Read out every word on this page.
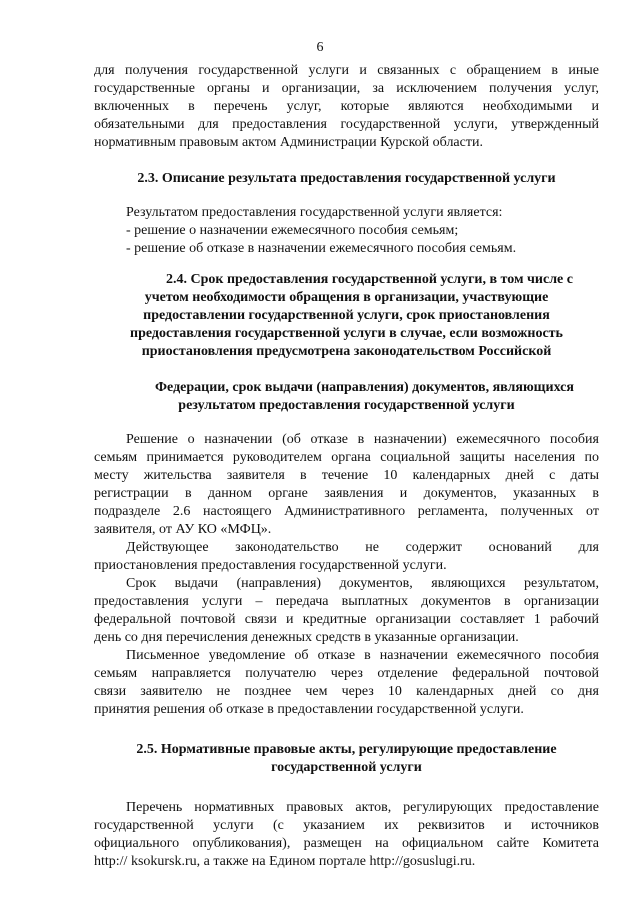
6

для получения государственной услуги и связанных с обращением в иные

государственные органы и организации, за исключением получения услуг,

включенных в перечень услуг, которые являются необходимыми и

обязательными для предоставления государственной услуги, утвержденный

нормативным правовым актом Администрации Курской области.

2.3. Описание результата предоставления государственной услуги

Результатом предоставления государственной услуги является:

- решение о назначении ежемесячного пособия семьям;

- решение об отказе в назначении ежемесячного пособия семьям.

2.4. Срок предоставления государственной услуги, в том числе с

учетом необходимости обращения в организации, участвующие

предоставлении государственной услуги, срок приостановления

предоставления государственной услуги в случае, если возможность

приостановления предусмотрена законодательством Российской

Федерации, срок выдачи (направления) документов, являющихся

результатом предоставления государственной услуги

Решение о назначении (об отказе в назначении) ежемесячного пособия

семьям принимается руководителем органа социальной защиты населения по

месту жительства заявителя в течение 10 календарных дней с даты

регистрации в данном органе заявления и документов, указанных в

подразделе 2.6 настоящего Административного регламента, полученных от

заявителя, от АУ КО «МФЦ».

Действующее законодательство не содержит оснований для

приостановления предоставления государственной услуги.

Срок выдачи (направления) документов, являющихся результатом,

предоставления услуги – передача выплатных документов в организации

федеральной почтовой связи и кредитные организации составляет 1 рабочий

день со дня перечисления денежных средств в указанные организации.

Письменное уведомление об отказе в назначении ежемесячного пособия

семьям направляется получателю через отделение федеральной почтовой

связи заявителю не позднее чем через 10 календарных дней со дня

принятия решения об отказе в предоставлении государственной услуги.

2.5. Нормативные правовые акты, регулирующие предоставление

государственной услуги

Перечень нормативных правовых актов, регулирующих предоставление

государственной услуги (с указанием их реквизитов и источников

официального опубликования), размещен на официальном сайте Комитета

http:// ksokursk.ru, а также на Едином портале http://gosuslugi.ru.
